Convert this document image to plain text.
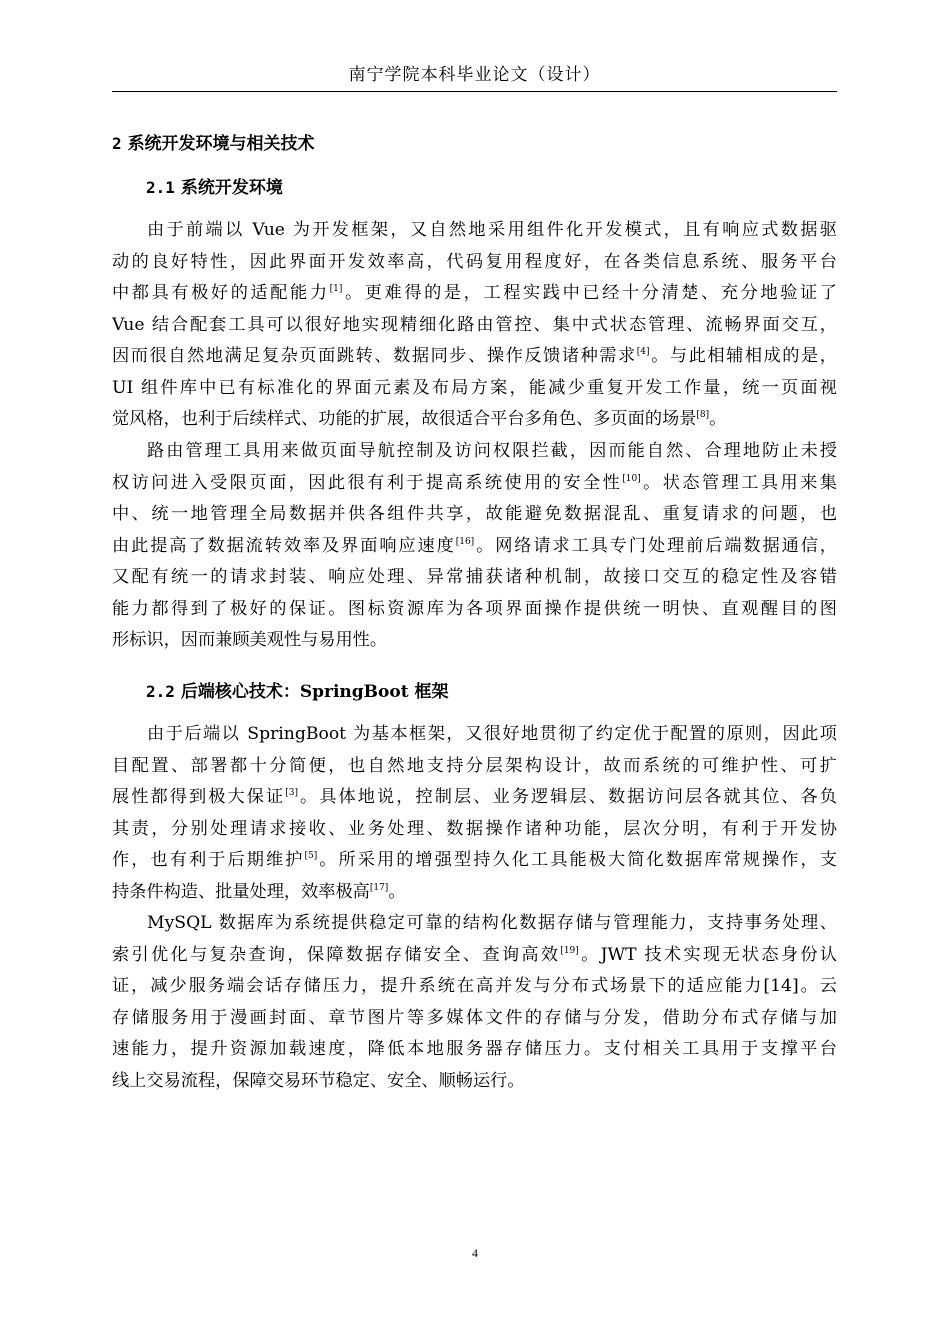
南宁学院本科毕业论文（设计）
2 系统开发环境与相关技术
2.1 系统开发环境
由于前端以 Vue 为开发框架，又自然地采用组件化开发模式，且有响应式数据驱
动的良好特性，因此界面开发效率高，代码复用程度好，在各类信息系统、服务平台
中都具有极好的适配能力[1]。更难得的是，工程实践中已经十分清楚、充分地验证了
Vue 结合配套工具可以很好地实现精细化路由管控、集中式状态管理、流畅界面交互，
因而很自然地满足复杂页面跳转、数据同步、操作反馈诸种需求[4]。与此相辅相成的是，
UI 组件库中已有标准化的界面元素及布局方案，能减少重复开发工作量，统一页面视
觉风格，也利于后续样式、功能的扩展，故很适合平台多角色、多页面的场景[8]。
路由管理工具用来做页面导航控制及访问权限拦截，因而能自然、合理地防止未授
权访问进入受限页面，因此很有利于提高系统使用的安全性[10]。状态管理工具用来集
中、统一地管理全局数据并供各组件共享，故能避免数据混乱、重复请求的问题，也
由此提高了数据流转效率及界面响应速度[16]。网络请求工具专门处理前后端数据通信，
又配有统一的请求封装、响应处理、异常捕获诸种机制，故接口交互的稳定性及容错
能力都得到了极好的保证。图标资源库为各项界面操作提供统一明快、直观醒目的图
形标识，因而兼顾美观性与易用性。
2.2 后端核心技术：SpringBoot 框架
由于后端以 SpringBoot 为基本框架，又很好地贯彻了约定优于配置的原则，因此项
目配置、部署都十分简便，也自然地支持分层架构设计，故而系统的可维护性、可扩
展性都得到极大保证[3]。具体地说，控制层、业务逻辑层、数据访问层各就其位、各负
其责，分别处理请求接收、业务处理、数据操作诸种功能，层次分明，有利于开发协
作，也有利于后期维护[5]。所采用的增强型持久化工具能极大简化数据库常规操作，支
持条件构造、批量处理，效率极高[17]。
MySQL 数据库为系统提供稳定可靠的结构化数据存储与管理能力，支持事务处理、
索引优化与复杂查询，保障数据存储安全、查询高效[19]。JWT 技术实现无状态身份认
证，减少服务端会话存储压力，提升系统在高并发与分布式场景下的适应能力[14]。云
存储服务用于漫画封面、章节图片等多媒体文件的存储与分发，借助分布式存储与加
速能力，提升资源加载速度，降低本地服务器存储压力。支付相关工具用于支撑平台
线上交易流程，保障交易环节稳定、安全、顺畅运行。
4
